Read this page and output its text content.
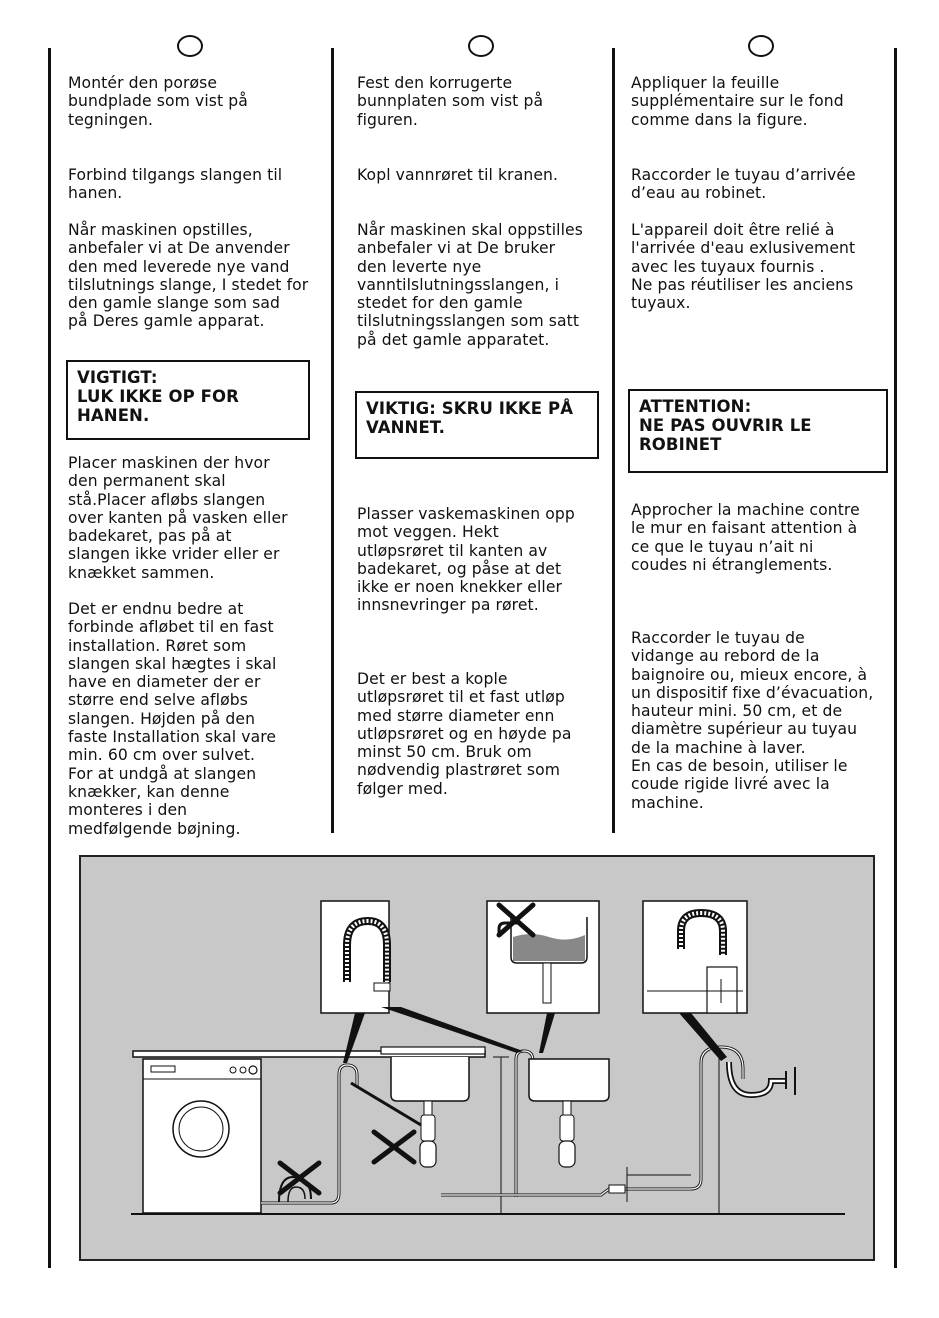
Montér den porøse
bundplade som vist på
tegningen.

Forbind tilgangs slangen til
hanen.

Når maskinen opstilles,
anbefaler vi at De anvender
den med leverede nye vand
tilslutnings slange, I stedet for
den gamle slange som sad
på Deres gamle apparat.

VIGTIGT:
LUK IKKE OP FOR
HANEN.

Placer maskinen der hvor
den permanent skal
stå.Placer afløbs slangen
over kanten på vasken eller
badekaret, pas på at
slangen ikke vrider eller er
knækket sammen.

Det er endnu bedre at
forbinde afløbet til en fast
installation. Røret som
slangen skal hægtes i skal
have en diameter der er
større end selve afløbs
slangen. Højden på den
faste Installation skal vare
min. 60 cm over sulvet.
For at undgå at slangen
knækker, kan denne
monteres i den
medfølgende bøjning.

Fest den korrugerte
bunnplaten som vist på
figuren.

Kopl vannrøret til kranen.

Når maskinen skal oppstilles
anbefaler vi at De bruker
den leverte nye
vanntilslutningsslangen, i
stedet for den gamle
tilslutningsslangen som satt
på det gamle apparatet.

VIKTIG: SKRU IKKE PÅ
VANNET.

Plasser vaskemaskinen opp
mot veggen. Hekt
utløpsrøret til kanten av
badekaret, og påse at det
ikke er noen knekker eller
innsnevringer pa røret.

Det er best a kople
utløpsrøret til et fast utløp
med større diameter enn
utløpsrøret og en høyde pa
minst 50 cm. Bruk om
nødvendig plastrøret som
følger med.

Appliquer la feuille
supplémentaire sur le fond
comme dans la figure.

Raccorder le tuyau d’arrivée
d’eau au robinet.

L'appareil doit être relié à
l'arrivée d'eau exlusivement
avec les tuyaux fournis .
Ne pas réutiliser les anciens
tuyaux.

ATTENTION:
NE PAS OUVRIR LE
ROBINET

Approcher la machine contre
le mur en faisant attention à
ce que le tuyau n’ait ni
coudes ni étranglements.

Raccorder le tuyau de
vidange au rebord de la
baignoire ou, mieux encore, à
un dispositif fixe d’évacuation,
hauteur mini. 50 cm, et de
diamètre supérieur au tuyau
de la machine à laver.
En cas de besoin, utiliser le
coude rigide livré avec la
machine.
